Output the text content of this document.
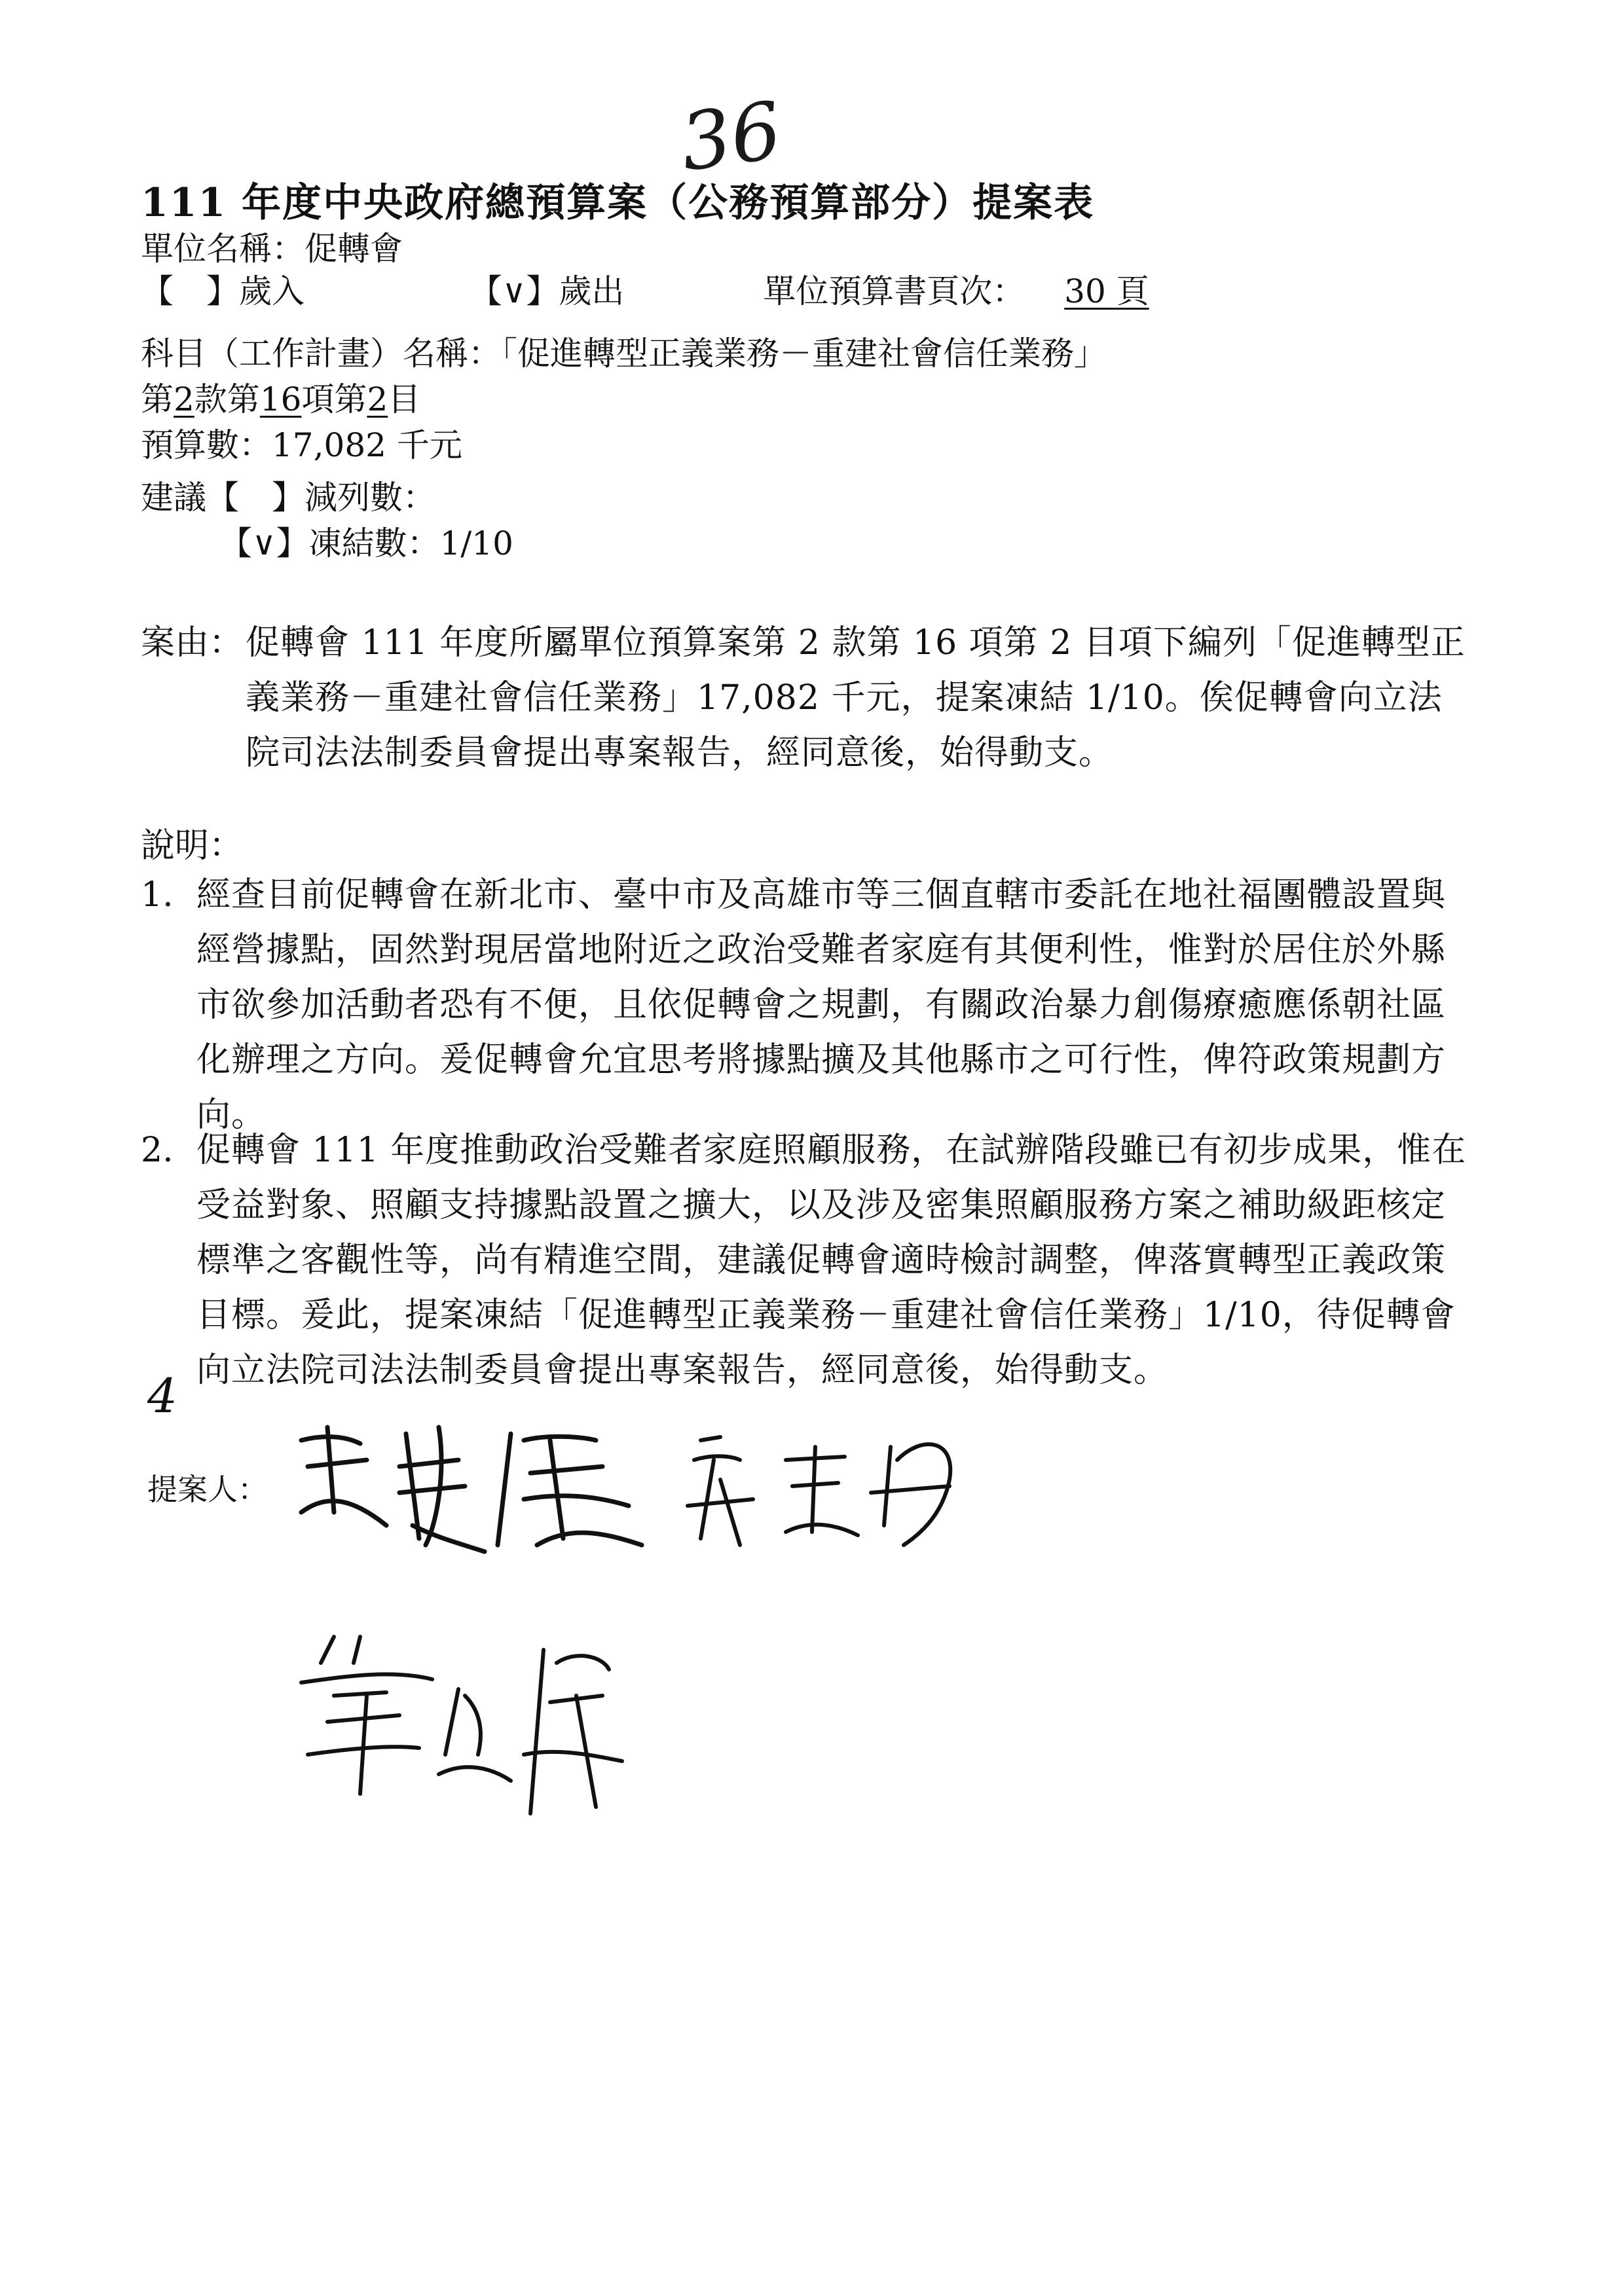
36
111 年度中央政府總預算案（公務預算部分）提案表
單位名稱：促轉會
【　】歲入	【∨】歲出	單位預算書頁次： 30 頁
科目（工作計畫）名稱：「促進轉型正義業務－重建社會信任業務」
第2款第16項第2目
預算數：17,082 千元
建議【　】減列數：
【∨】凍結數：1/10
案由： 促轉會 111 年度所屬單位預算案第 2 款第 16 項第 2 目項下編列「促進轉型正義業務－重建社會信任業務」17,082 千元，提案凍結 1/10。俟促轉會向立法院司法法制委員會提出專案報告，經同意後，始得動支。
說明：
1. 經查目前促轉會在新北市、臺中市及高雄市等三個直轄市委託在地社福團體設置與經營據點，固然對現居當地附近之政治受難者家庭有其便利性，惟對於居住於外縣市欲參加活動者恐有不便，且依促轉會之規劃，有關政治暴力創傷療癒應係朝社區化辦理之方向。爰促轉會允宜思考將據點擴及其他縣市之可行性，俾符政策規劃方向。
2. 促轉會 111 年度推動政治受難者家庭照顧服務，在試辦階段雖已有初步成果，惟在受益對象、照顧支持據點設置之擴大，以及涉及密集照顧服務方案之補助級距核定標準之客觀性等，尚有精進空間，建議促轉會適時檢討調整，俾落實轉型正義政策目標。爰此，提案凍結「促進轉型正義業務－重建社會信任業務」1/10，待促轉會向立法院司法法制委員會提出專案報告，經同意後，始得動支。
4
提案人：
